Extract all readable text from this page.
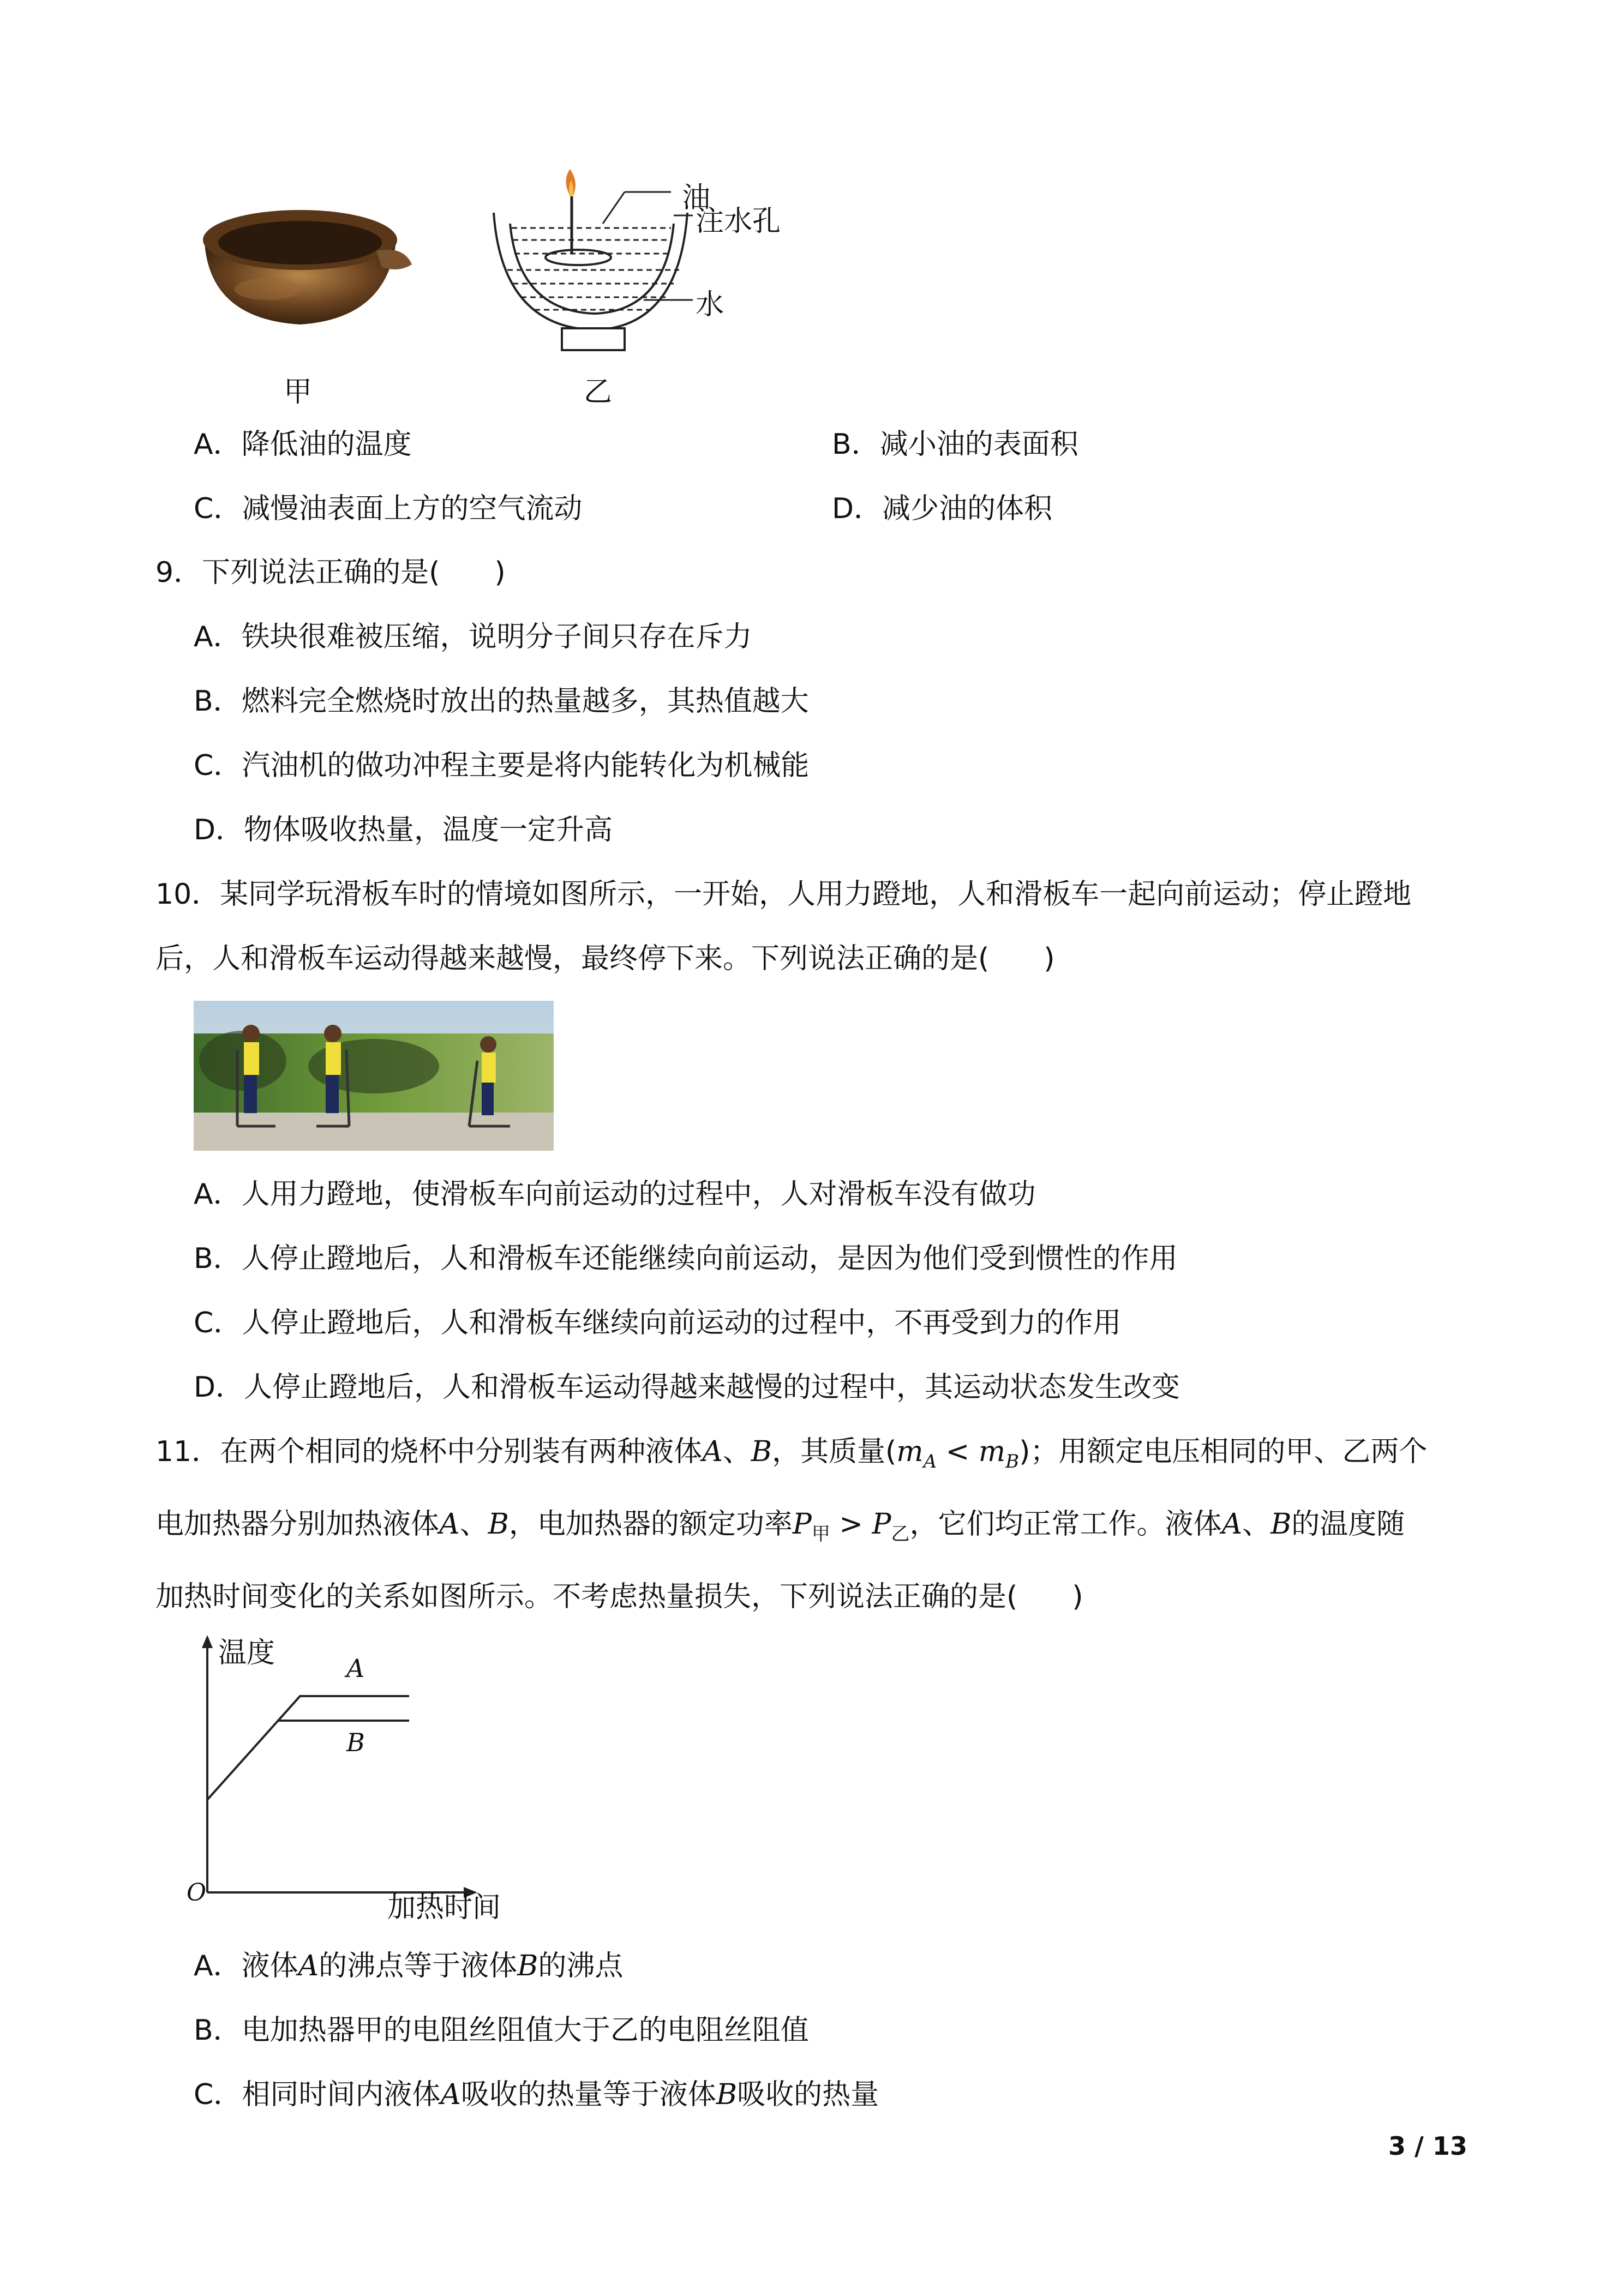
油
注水孔
水
甲	乙
A．降低油的温度	B．减小油的表面积
C．减慢油表面上方的空气流动	D．减少油的体积
9．下列说法正确的是( )
A．铁块很难被压缩，说明分子间只存在斥力
B．燃料完全燃烧时放出的热量越多，其热值越大
C．汽油机的做功冲程主要是将内能转化为机械能
D．物体吸收热量，温度一定升高
10．某同学玩滑板车时的情境如图所示，一开始，人用力蹬地，人和滑板车一起向前运动；停止蹬地
后，人和滑板车运动得越来越慢，最终停下来。下列说法正确的是( )
A．人用力蹬地，使滑板车向前运动的过程中，人对滑板车没有做功
B．人停止蹬地后，人和滑板车还能继续向前运动，是因为他们受到惯性的作用
C．人停止蹬地后，人和滑板车继续向前运动的过程中，不再受到力的作用
D．人停止蹬地后，人和滑板车运动得越来越慢的过程中，其运动状态发生改变
11．在两个相同的烧杯中分别装有两种液体A、B，其质量$(m_A < m_B)$；用额定电压相同的甲、乙两个
电加热器分别加热液体A、B，电加热器的额定功率$P_甲 > P_乙$，它们均正常工作。液体A、B的温度随
加热时间变化的关系如图所示。不考虑热量损失，下列说法正确的是( )
温度	A
B
O	加热时间
A．液体A的沸点等于液体B的沸点
B．电加热器甲的电阻丝阻值大于乙的电阻丝阻值
C．相同时间内液体A吸收的热量等于液体B吸收的热量
3 / 13
